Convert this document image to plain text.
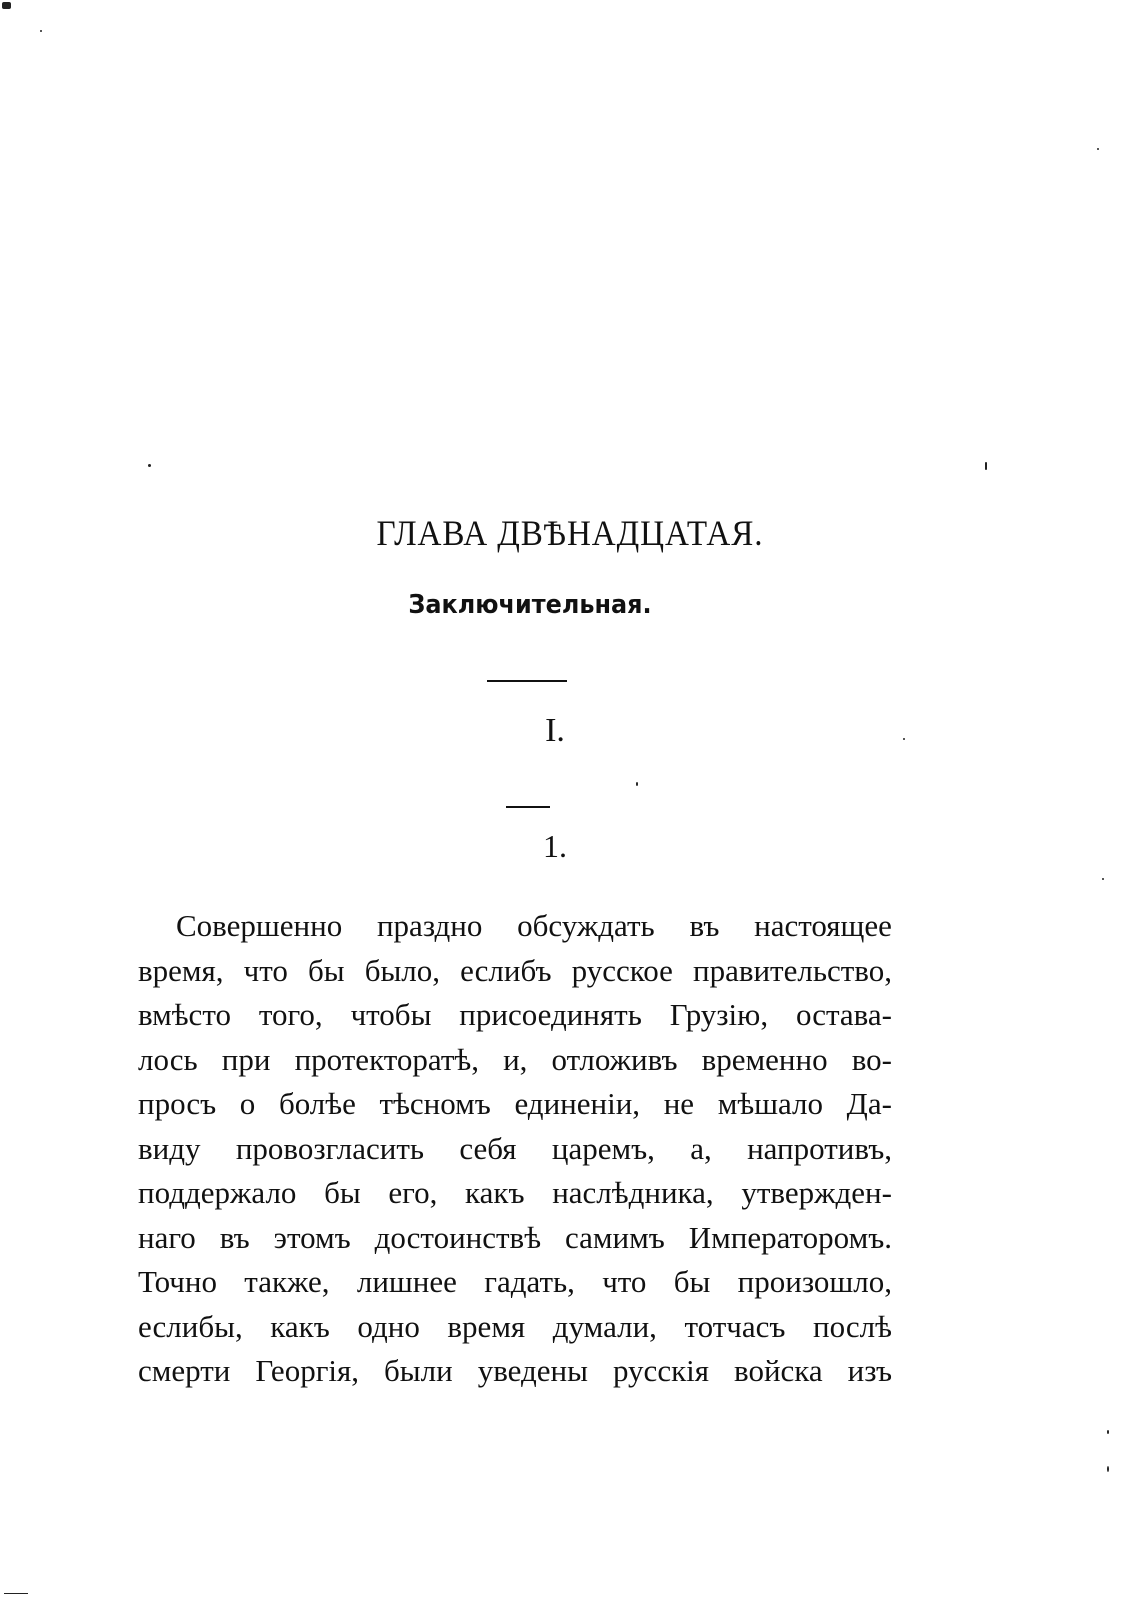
ГЛАВА ДВѢНАДЦАТАЯ.
Заключительная.
I.
1.
Совершенно праздно обсуждать въ настоящее
время, что бы было, еслибъ русское правительство,
вмѣсто того, чтобы присоединять Грузію, остава-
лось при протекторатѣ, и, отложивъ временно во-
просъ о болѣе тѣсномъ единеніи, не мѣшало Да-
виду провозгласить себя царемъ, а, напротивъ,
поддержало бы его, какъ наслѣдника, утвержден-
наго въ этомъ достоинствѣ самимъ Императоромъ.
Точно также, лишнее гадать, что бы произошло,
еслибы, какъ одно время думали, тотчасъ послѣ
смерти Георгія, были уведены русскія войска изъ
